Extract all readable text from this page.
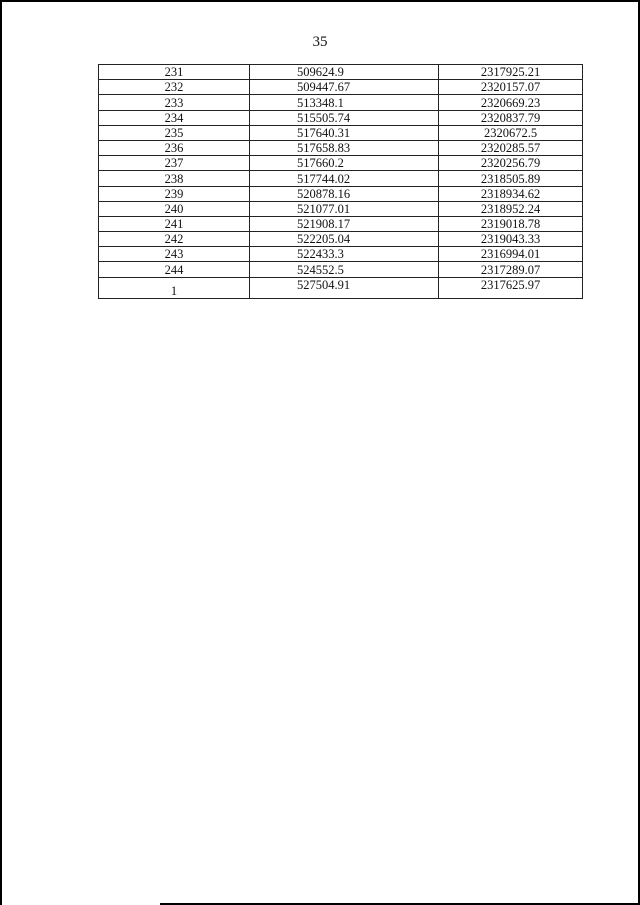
35
231	509624.9	2317925.21
232	509447.67	2320157.07
233	513348.1	2320669.23
234	515505.74	2320837.79
235	517640.31	2320672.5
236	517658.83	2320285.57
237	517660.2	2320256.79
238	517744.02	2318505.89
239	520878.16	2318934.62
240	521077.01	2318952.24
241	521908.17	2319018.78
242	522205.04	2319043.33
243	522433.3	2316994.01
244	524552.5	2317289.07
1	527504.91	2317625.97
